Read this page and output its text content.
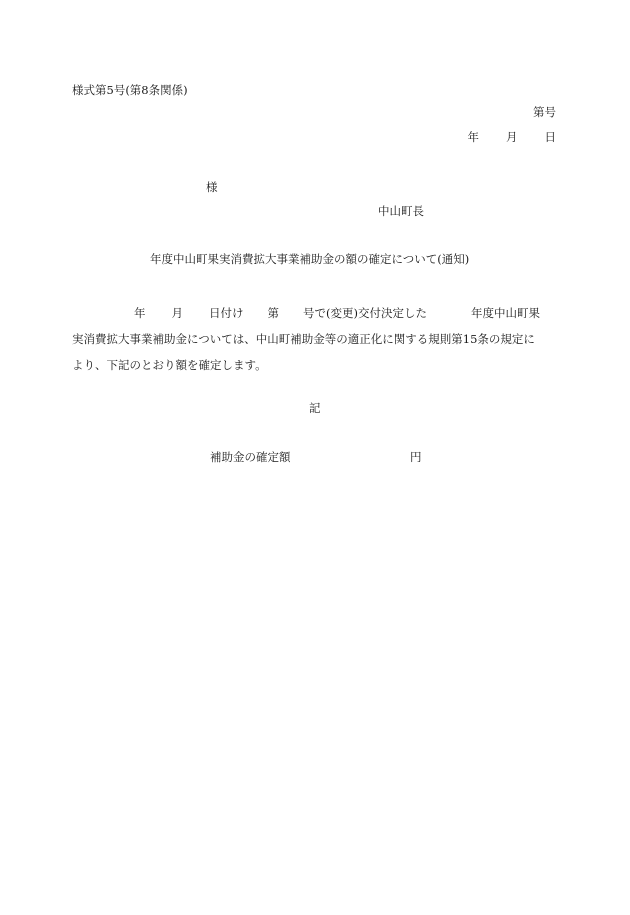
様式第5号(第8条関係)
第号
年 月 日
様
中山町長
年度中山町果実消費拡大事業補助金の額の確定について(通知)
年 月 日付け 第 号で(変更)交付決定した	年度中山町果
実消費拡大事業補助金については、中山町補助金等の適正化に関する規則第15条の規定に
より、下記のとおり額を確定します。
記
補助金の確定額	円
